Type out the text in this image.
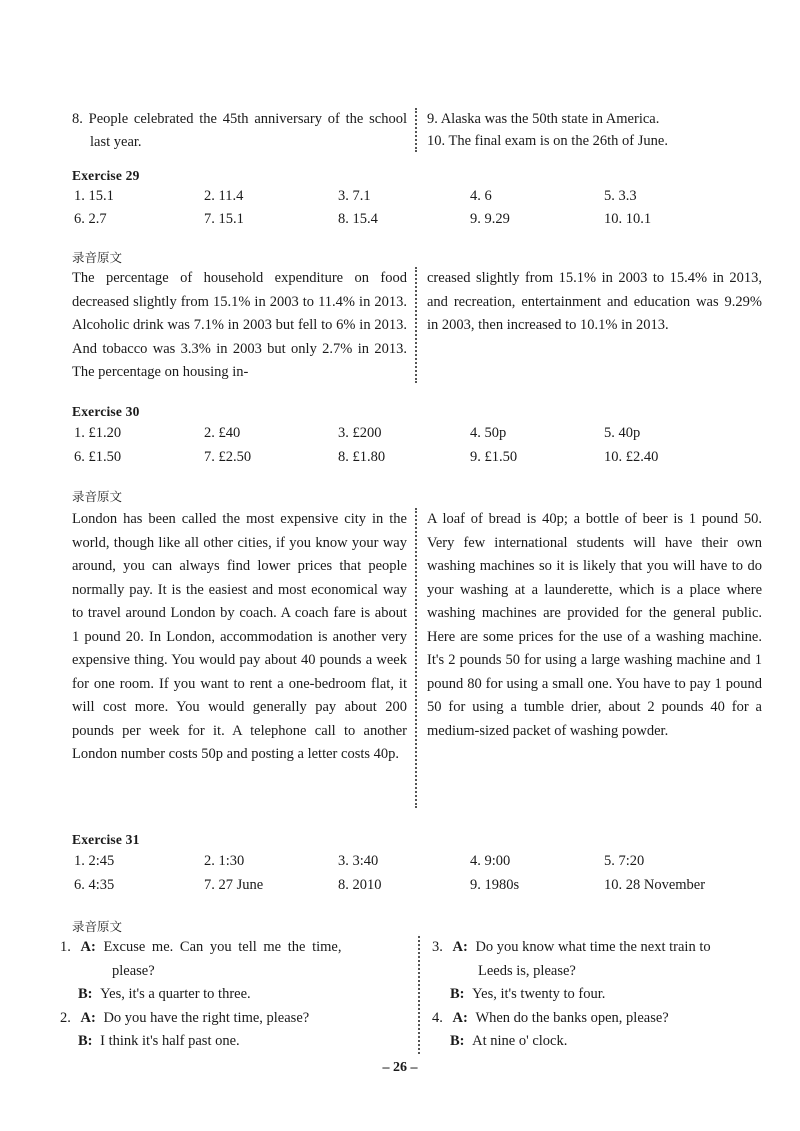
8. People celebrated the 45th anniversary of the school last year.

9. Alaska was the 50th state in America.
10. The final exam is on the 26th of June.
Exercise 29
1. 15.1	2. 11.4	3. 7.1	4. 6	5. 3.3
6. 2.7	7. 15.1	8. 15.4	9. 9.29	10. 10.1
录音原文

The percentage of household expenditure on food decreased slightly from 15.1% in 2003 to 11.4% in 2013. Alcoholic drink was 7.1% in 2003 but fell to 6% in 2013. And tobacco was 3.3% in 2003 but only 2.7% in 2013. The percentage on housing in-

creased slightly from 15.1% in 2003 to 15.4% in 2013, and recreation, entertainment and education was 9.29% in 2003, then increased to 10.1% in 2013.

Exercise 30
1. £1.20	2. £40	3. £200	4. 50p	5. 40p
6. £1.50	7. £2.50	8. £1.80	9. £1.50	10. £2.40
录音原文

London has been called the most expensive city in the world, though like all other cities, if you know your way around, you can always find lower prices that people normally pay. It is the easiest and most economical way to travel around London by coach. A coach fare is about 1 pound 20. In London, accommodation is another very expensive thing. You would pay about 40 pounds a week for one room. If you want to rent a one-bedroom flat, it will cost more. You would generally pay about 200 pounds per week for it. A telephone call to another London number costs 50p and posting a letter costs 40p.

A loaf of bread is 40p; a bottle of beer is 1 pound 50. Very few international students will have their own washing machines so it is likely that you will have to do your washing at a launderette, which is a place where washing machines are provided for the general public. Here are some prices for the use of a washing machine. It's 2 pounds 50 for using a large washing machine and 1 pound 80 for using a small one. You have to pay 1 pound 50 for using a tumble drier, about 2 pounds 40 for a medium-sized packet of washing powder.

Exercise 31
1. 2:45	2. 1:30	3. 3:40	4. 9:00	5. 7:20
6. 4:35	7. 27 June	8. 2010	9. 1980s	10. 28 November
录音原文
1. A: Excuse me. Can you tell me the time,
please?
B: Yes, it's a quarter to three.
2. A: Do you have the right time, please?
B: I think it's half past one.
3. A: Do you know what time the next train to
Leeds is, please?
B: Yes, it's twenty to four.
4. A: When do the banks open, please?
B: At nine o' clock.
– 26 –
